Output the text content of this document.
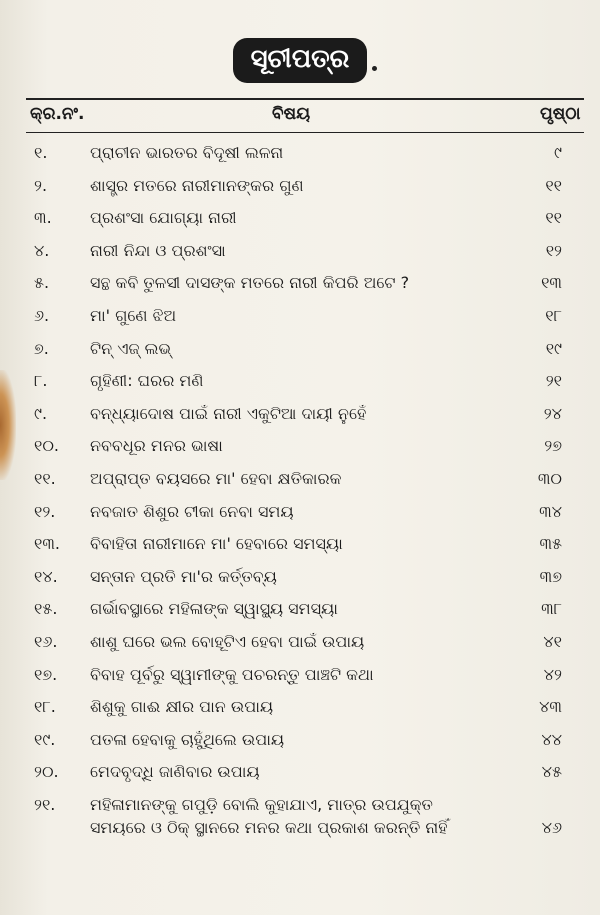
ସୂଚୀପତ୍ର
କ୍ର.ନଂ.	ବିଷୟ	ପୃଷ୍ଠା
୧.	ପ୍ରାଚୀନ ଭାରତର ବିଦୂଷୀ ଲଳନା	୯
୨.	ଶାସ୍ତ୍ର ମତରେ ନାରୀମାନଙ୍କର ଗୁଣ	୧୧
୩. ପ୍ରଶଂସା ଯୋଗ୍ୟା ନାରୀ	୧୧
୪.	ନାରୀ ନିନ୍ଦା ଓ ପ୍ରଶଂସା	୧୨
୫.	ସନ୍ଥ କବି ତୁଳସୀ ଦାସଙ୍କ ମତରେ ନାରୀ କିପରି ଅଟେ ?	୧୩
୬.	ମା' ଗୁଣେ ଝିଅ	୧୮
୭.	ଟିନ୍ ଏଜ୍ ଲଭ୍	୧୯
୮.	ଗୃହିଣୀ: ଘରର ମଣି	୨୧
୯.	ବନ୍ଧ୍ୟାଦୋଷ ପାଇଁ ନାରୀ ଏକୁଟିଆ ଦାୟୀ ନୁହେଁ	୨୪
୧୦. ନବବଧୂର ମନର ଭାଷା	୨୭
୧୧. ଅପ୍ରାପ୍ତ ବୟସରେ ମା' ହେବା କ୍ଷତିକାରକ	୩୦
୧୨. ନବଜାତ ଶିଶୁର ଟୀକା ନେବା ସମୟ	୩୪
୧୩. ବିବାହିତା ନାରୀମାନେ ମା' ହେବାରେ ସମସ୍ୟା	୩୫
୧୪. ସନ୍ତାନ ପ୍ରତି ମା'ର କର୍ତ୍ତବ୍ୟ	୩୭
୧୫. ଗର୍ଭାବସ୍ଥାରେ ମହିଳାଙ୍କ ସ୍ୱାସ୍ଥ୍ୟ ସମସ୍ୟା	୩୮
୧୬. ଶାଶୁ ଘରେ ଭଲ ବୋହୂଟିଏ ହେବା ପାଇଁ ଉପାୟ	୪୧
୧୭. ବିବାହ ପୂର୍ବରୁ ସ୍ୱାମୀଙ୍କୁ ପଚରନ୍ତୁ ପାଞ୍ଚଟି କଥା	୪୨
୧୮. ଶିଶୁକୁ ଗାଈ କ୍ଷୀର ପାନ ଉପାୟ	୪୩
୧୯. ପତଳା ହେବାକୁ ଚାହୁଁଥିଲେ ଉପାୟ	୪୪
୨୦. ମେଦବୃଦ୍ଧି ଜାଣିବାର ଉପାୟ	୪୫
୨୧. ମହିଳାମାନଙ୍କୁ ଗପୁଡ଼ି ବୋଲି କୁହାଯାଏ, ମାତ୍ର ଉପଯୁକ୍ତ
ସମୟରେ ଓ ଠିକ୍ ସ୍ଥାନରେ ମନର କଥା ପ୍ରକାଶ କରନ୍ତି ନାହିଁ	୪୬
